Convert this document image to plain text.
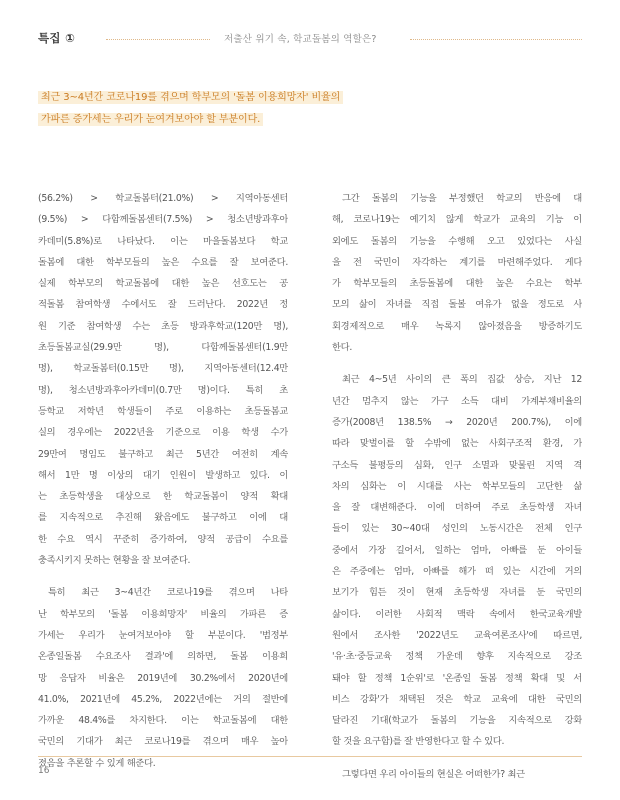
특집 ①	저출산 위기 속, 학교돌봄의 역할은?
최근 3~4년간 코로나19를 겪으며 학부모의 '돌봄 이용희망자' 비율의
가파른 증가세는 우리가 눈여겨보아야 할 부분이다.
(56.2%) > 학교돌봄터(21.0%) > 지역아동센터
(9.5%) > 다함께돌봄센터(7.5%) > 청소년방과후아
카데미(5.8%)로 나타났다. 이는 마을돌봄보다 학교
돌봄에 대한 학부모들의 높은 수요를 잘 보여준다.
실제 학부모의 학교돌봄에 대한 높은 선호도는 공
적돌봄 참여학생 수에서도 잘 드러난다. 2022년 정
원 기준 참여학생 수는 초등 방과후학교(120만 명),
초등돌봄교실(29.9만 명), 다함께돌봄센터(1.9만
명), 학교돌봄터(0.15만 명), 지역아동센터(12.4만
명), 청소년방과후아카데미(0.7만 명)이다. 특히 초
등학교 저학년 학생들이 주로 이용하는 초등돌봄교
실의 경우에는 2022년을 기준으로 이용 학생 수가
29만여 명임도 불구하고 최근 5년간 여전히 계속
해서 1만 명 이상의 대기 인원이 발생하고 있다. 이
는 초등학생을 대상으로 한 학교돌봄이 양적 확대
를 지속적으로 추진해 왔음에도 불구하고 이에 대
한 수요 역시 꾸준히 증가하여, 양적 공급이 수요를
충족시키지 못하는 현황을 잘 보여준다.
특히 최근 3~4년간 코로나19를 겪으며 나타
난 학부모의 '돌봄 이용희망자' 비율의 가파른 증
가세는 우리가 눈여겨보아야 할 부분이다. '범정부
온종일돌봄 수요조사 결과'에 의하면, 돌봄 이용희
망 응답자 비율은 2019년에 30.2%에서 2020년에
41.0%, 2021년에 45.2%, 2022년에는 거의 절반에
가까운 48.4%를 차지한다. 이는 학교돌봄에 대한
국민의 기대가 최근 코로나19를 겪으며 매우 높아
졌음을 추론할 수 있게 해준다.
그간 돌봄의 기능을 부정했던 학교의 반응에 대
해, 코로나19는 예기치 않게 학교가 교육의 기능 이
외에도 돌봄의 기능을 수행해 오고 있었다는 사실
을 전 국민이 자각하는 계기를 마련해주었다. 게다
가 학부모들의 초등돌봄에 대한 높은 수요는 학부
모의 삶이 자녀를 직접 돌볼 여유가 없을 정도로 사
회경제적으로 매우 녹록지 않아졌음을 방증하기도
한다.
최근 4~5년 사이의 큰 폭의 집값 상승, 지난 12
년간 멈추지 않는 가구 소득 대비 가계부채비율의
증가(2008년 138.5% → 2020년 200.7%), 이에
따라 맞벌이를 할 수밖에 없는 사회구조적 환경, 가
구소득 불평등의 심화, 인구 소멸과 맞물린 지역 격
차의 심화는 이 시대를 사는 학부모들의 고단한 삶
을 잘 대변해준다. 이에 더하여 주로 초등학생 자녀
들이 있는 30~40대 성인의 노동시간은 전체 인구
중에서 가장 길어서, 일하는 엄마, 아빠를 둔 아이들
은 주중에는 엄마, 아빠를 해가 떠 있는 시간에 거의
보기가 힘든 것이 현재 초등학생 자녀를 둔 국민의
삶이다. 이러한 사회적 맥락 속에서 한국교육개발
원에서 조사한 '2022년도 교육여론조사'에 따르면,
'유·초·중등교육 정책 가운데 향후 지속적으로 강조
돼야 할 정책 1순위'로 '온종일 돌봄 정책 확대 및 서
비스 강화'가 채택된 것은 학교 교육에 대한 국민의
달라진 기대(학교가 돌봄의 기능을 지속적으로 강화
할 것을 요구함)를 잘 반영한다고 할 수 있다.
그렇다면 우리 아이들의 현실은 어떠한가? 최근
16
